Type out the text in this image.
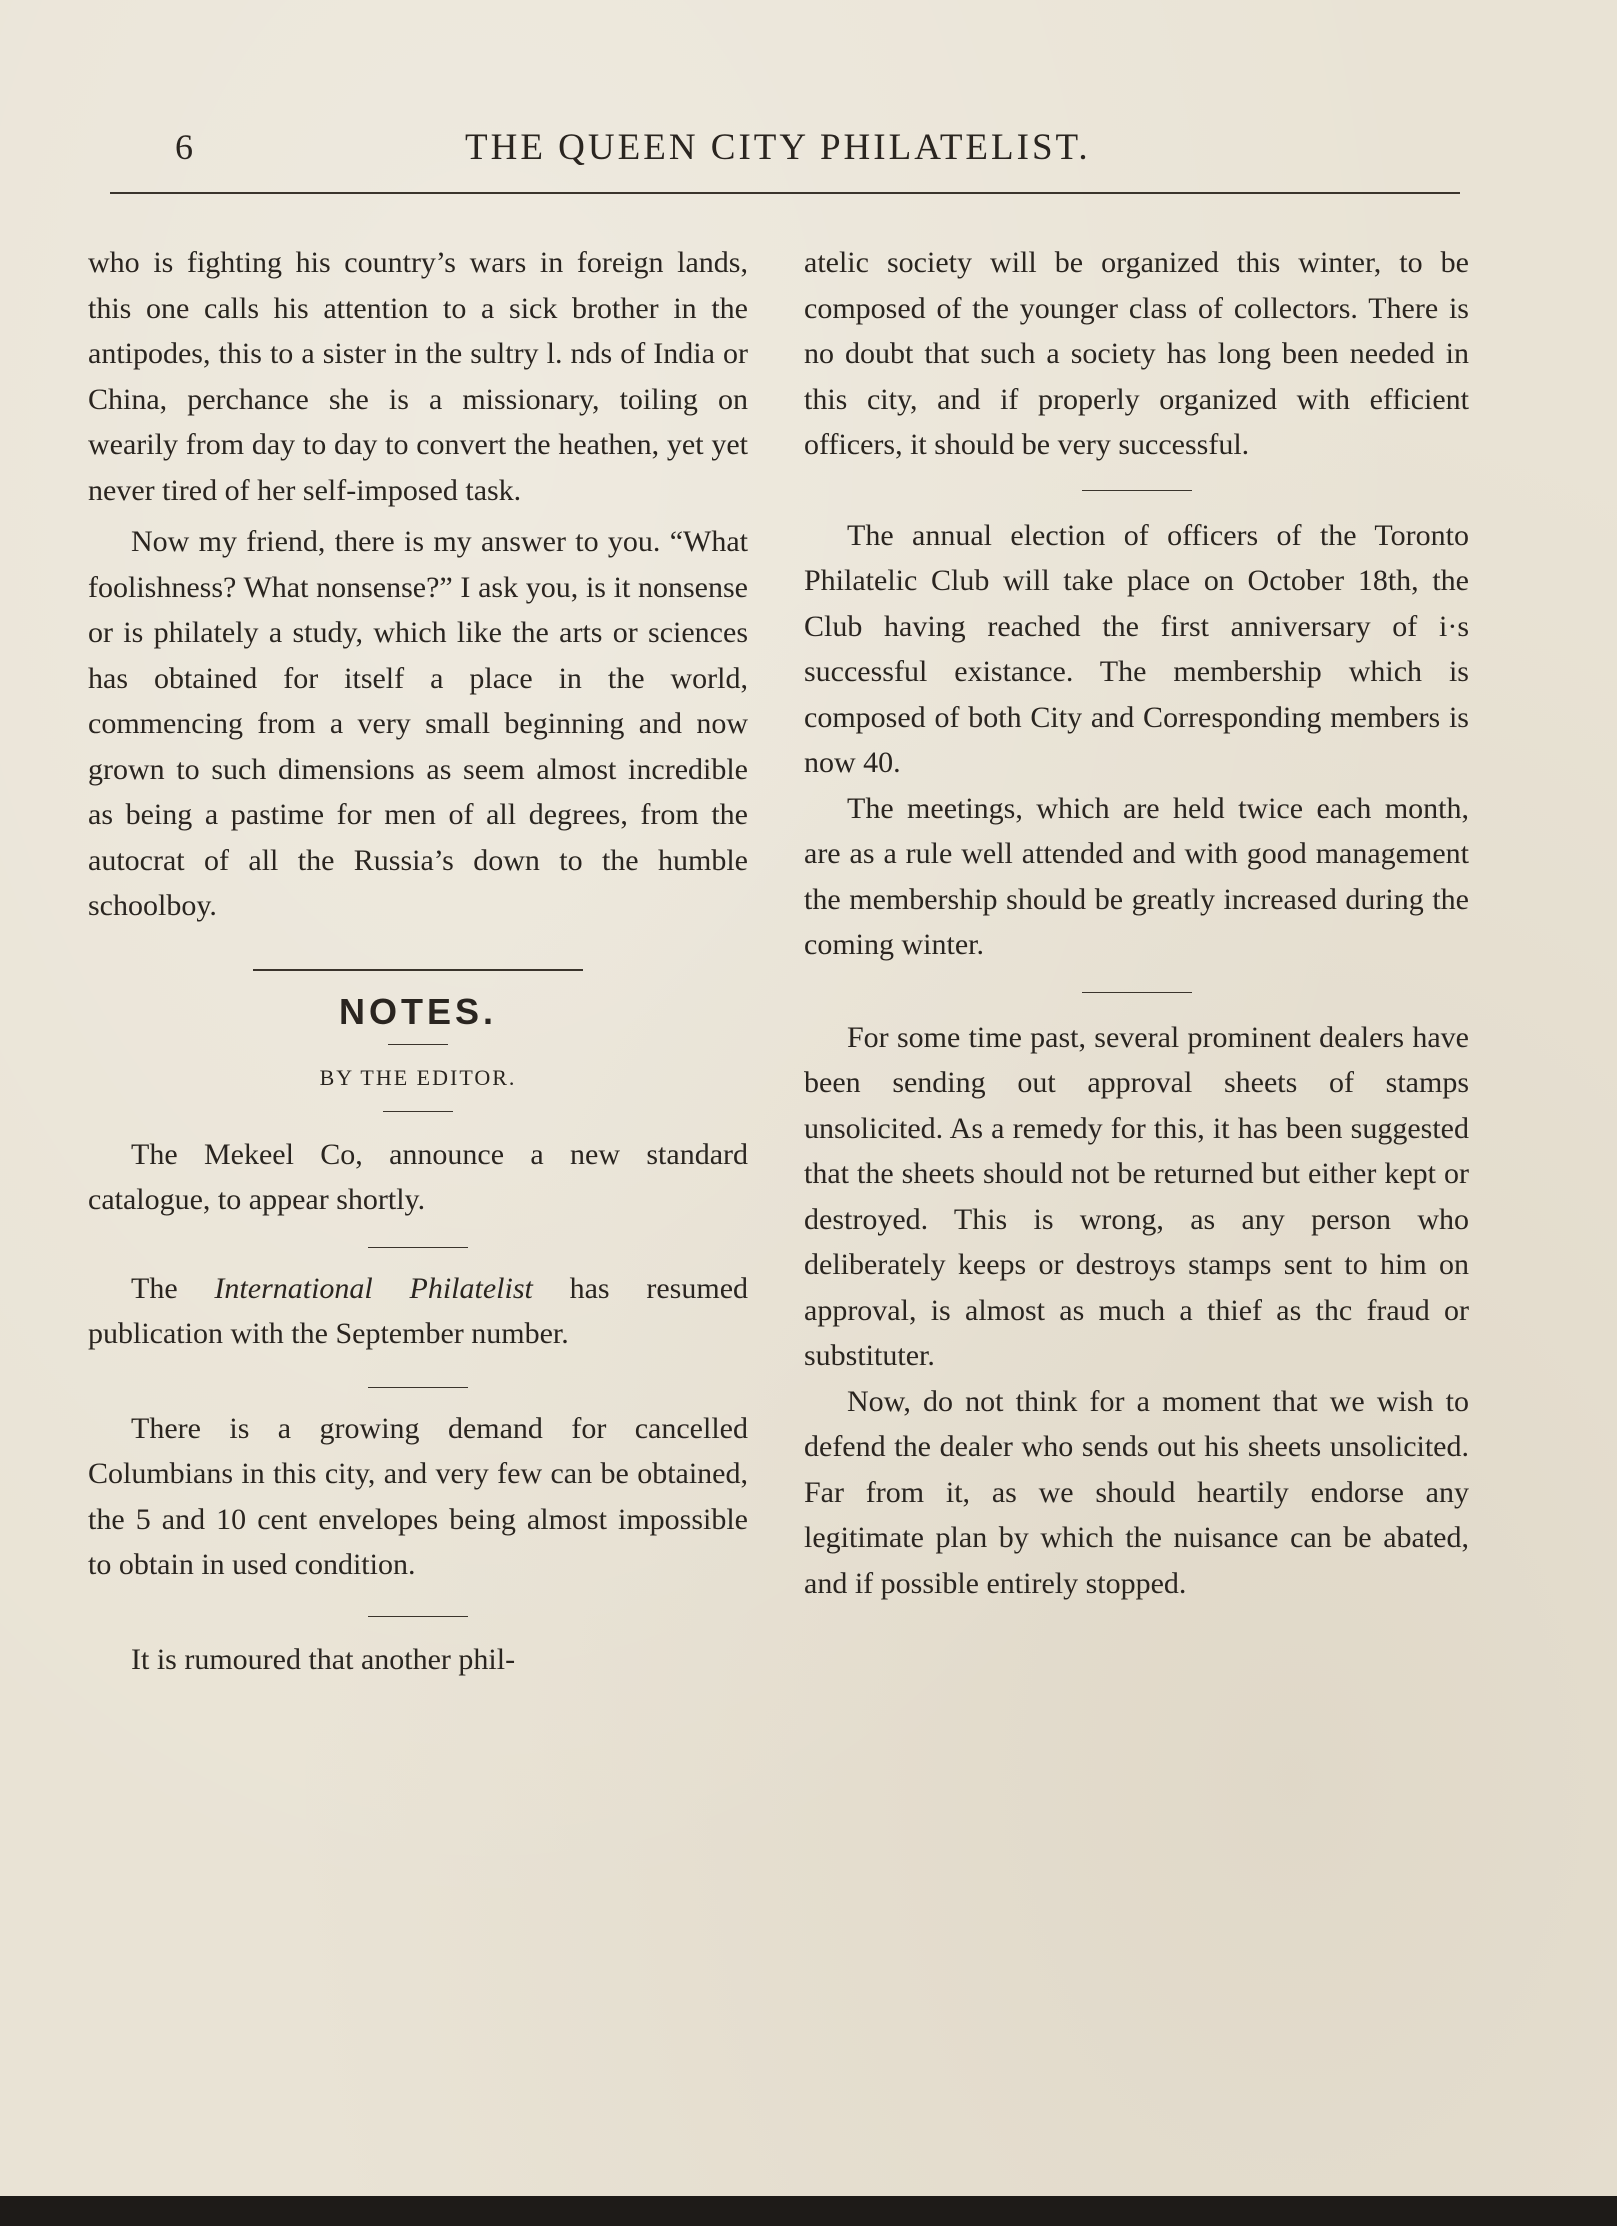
6	THE QUEEN CITY PHILATELIST.

who is fighting his country’s wars in foreign lands, this one calls his attention to a sick brother in the antipodes, this to a sister in the sultry l. nds of India or China, perchance she is a missionary, toiling on wearily from day to day to convert the heathen, yet yet never tired of her self-imposed task.

Now my friend, there is my answer to you. “What foolishness? What nonsense?” I ask you, is it nonsense or is philately a study, which like the arts or sciences has obtained for itself a place in the world, commencing from a very small beginning and now grown to such dimensions as seem almost incredible as being a pastime for men of all degrees, from the autocrat of all the Russia’s down to the humble schoolboy.

NOTES.
BY THE EDITOR.

The Mekeel Co, announce a new standard catalogue, to appear shortly.

The International Philatelist has resumed publication with the September number.

There is a growing demand for cancelled Columbians in this city, and very few can be obtained, the 5 and 10 cent envelopes being almost impossible to obtain in used condition.

It is rumoured that another phil-

atelic society will be organized this winter, to be composed of the younger class of collectors. There is no doubt that such a society has long been needed in this city, and if properly organized with efficient officers, it should be very successful.

The annual election of officers of the Toronto Philatelic Club will take place on October 18th, the Club having reached the first anniversary of i·s successful existance. The membership which is composed of both City and Corresponding members is now 40.

The meetings, which are held twice each month, are as a rule well attended and with good management the membership should be greatly increased during the coming winter.

For some time past, several prominent dealers have been sending out approval sheets of stamps unsolicited. As a remedy for this, it has been suggested that the sheets should not be returned but either kept or destroyed. This is wrong, as any person who deliberately keeps or destroys stamps sent to him on approval, is almost as much a thief as thc fraud or substituter.

Now, do not think for a moment that we wish to defend the dealer who sends out his sheets unsolicited. Far from it, as we should heartily endorse any legitimate plan by which the nuisance can be abated, and if possible entirely stopped.
